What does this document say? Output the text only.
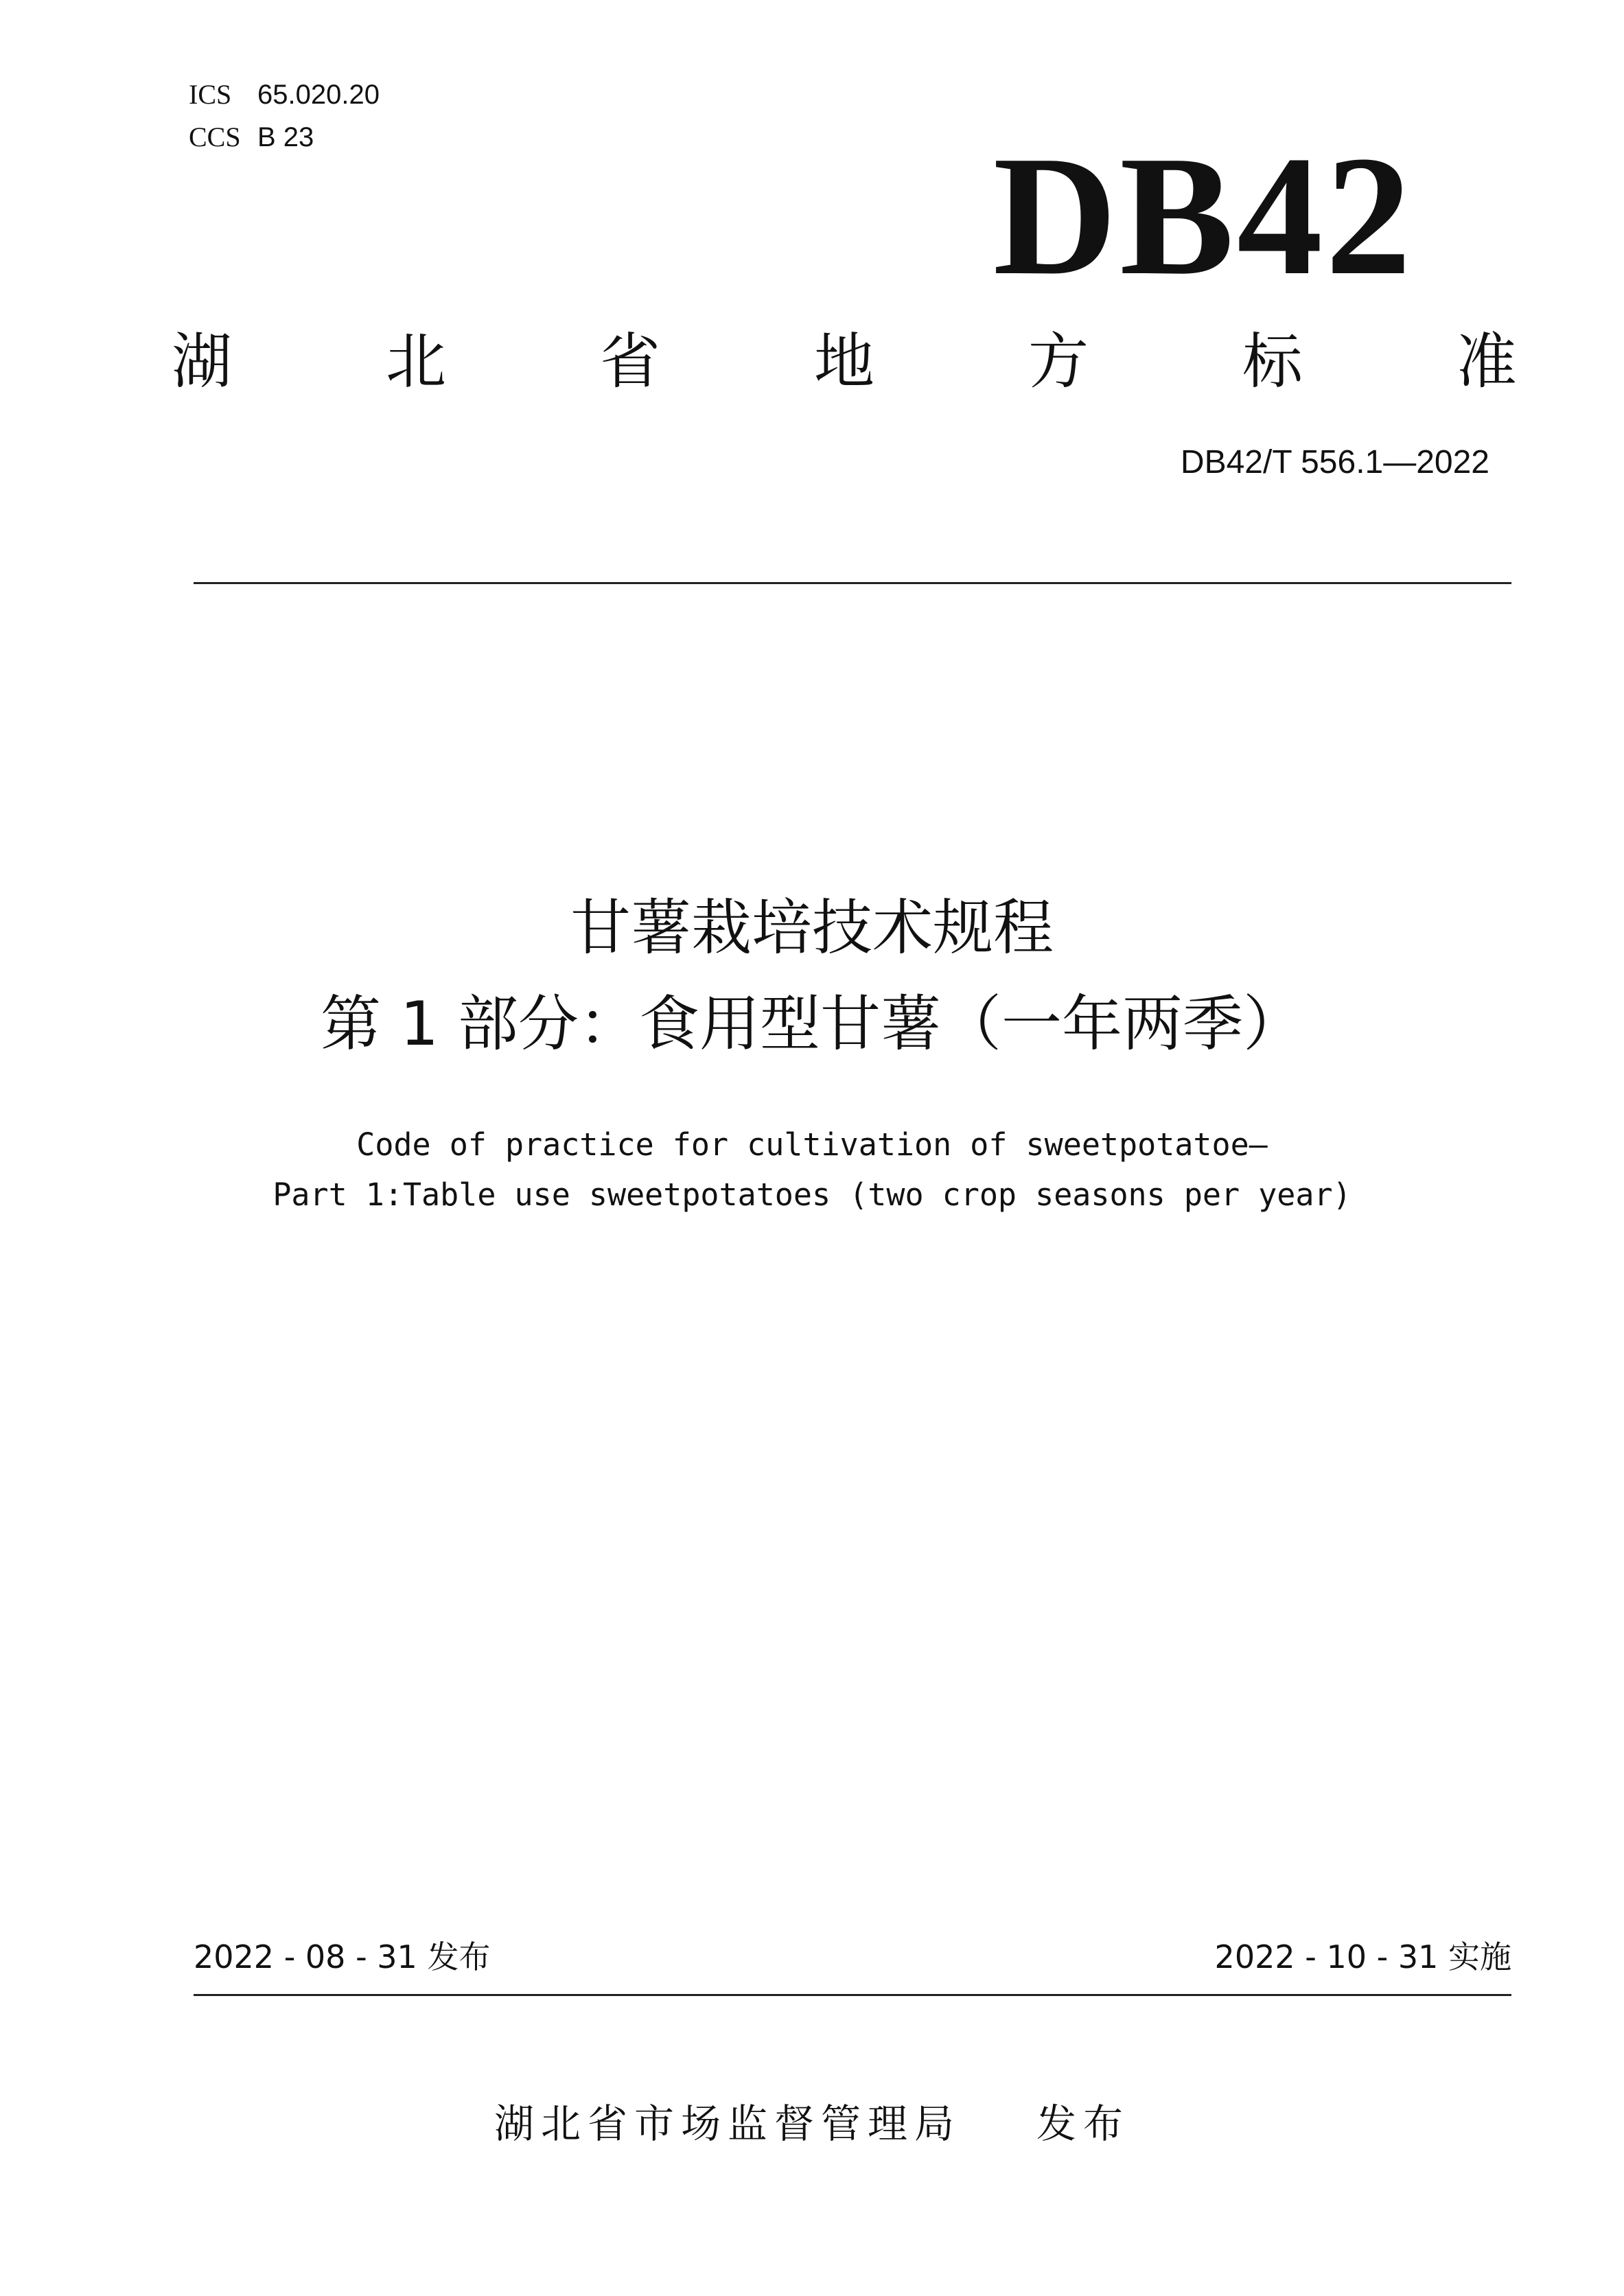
ICS 65.020.20
CCS B 23	DB42
湖	北	省	地	方	标	准
DB42/T 556.1—2022
甘薯栽培技术规程
第 1 部分：食用型甘薯（一年两季）
Code of practice for cultivation of sweetpotatoe—
Part 1:Table use sweetpotatoes (two crop seasons per year)
2022 - 08 - 31 发布	2022 - 10 - 31 实施
湖北省市场监督管理局 发布
